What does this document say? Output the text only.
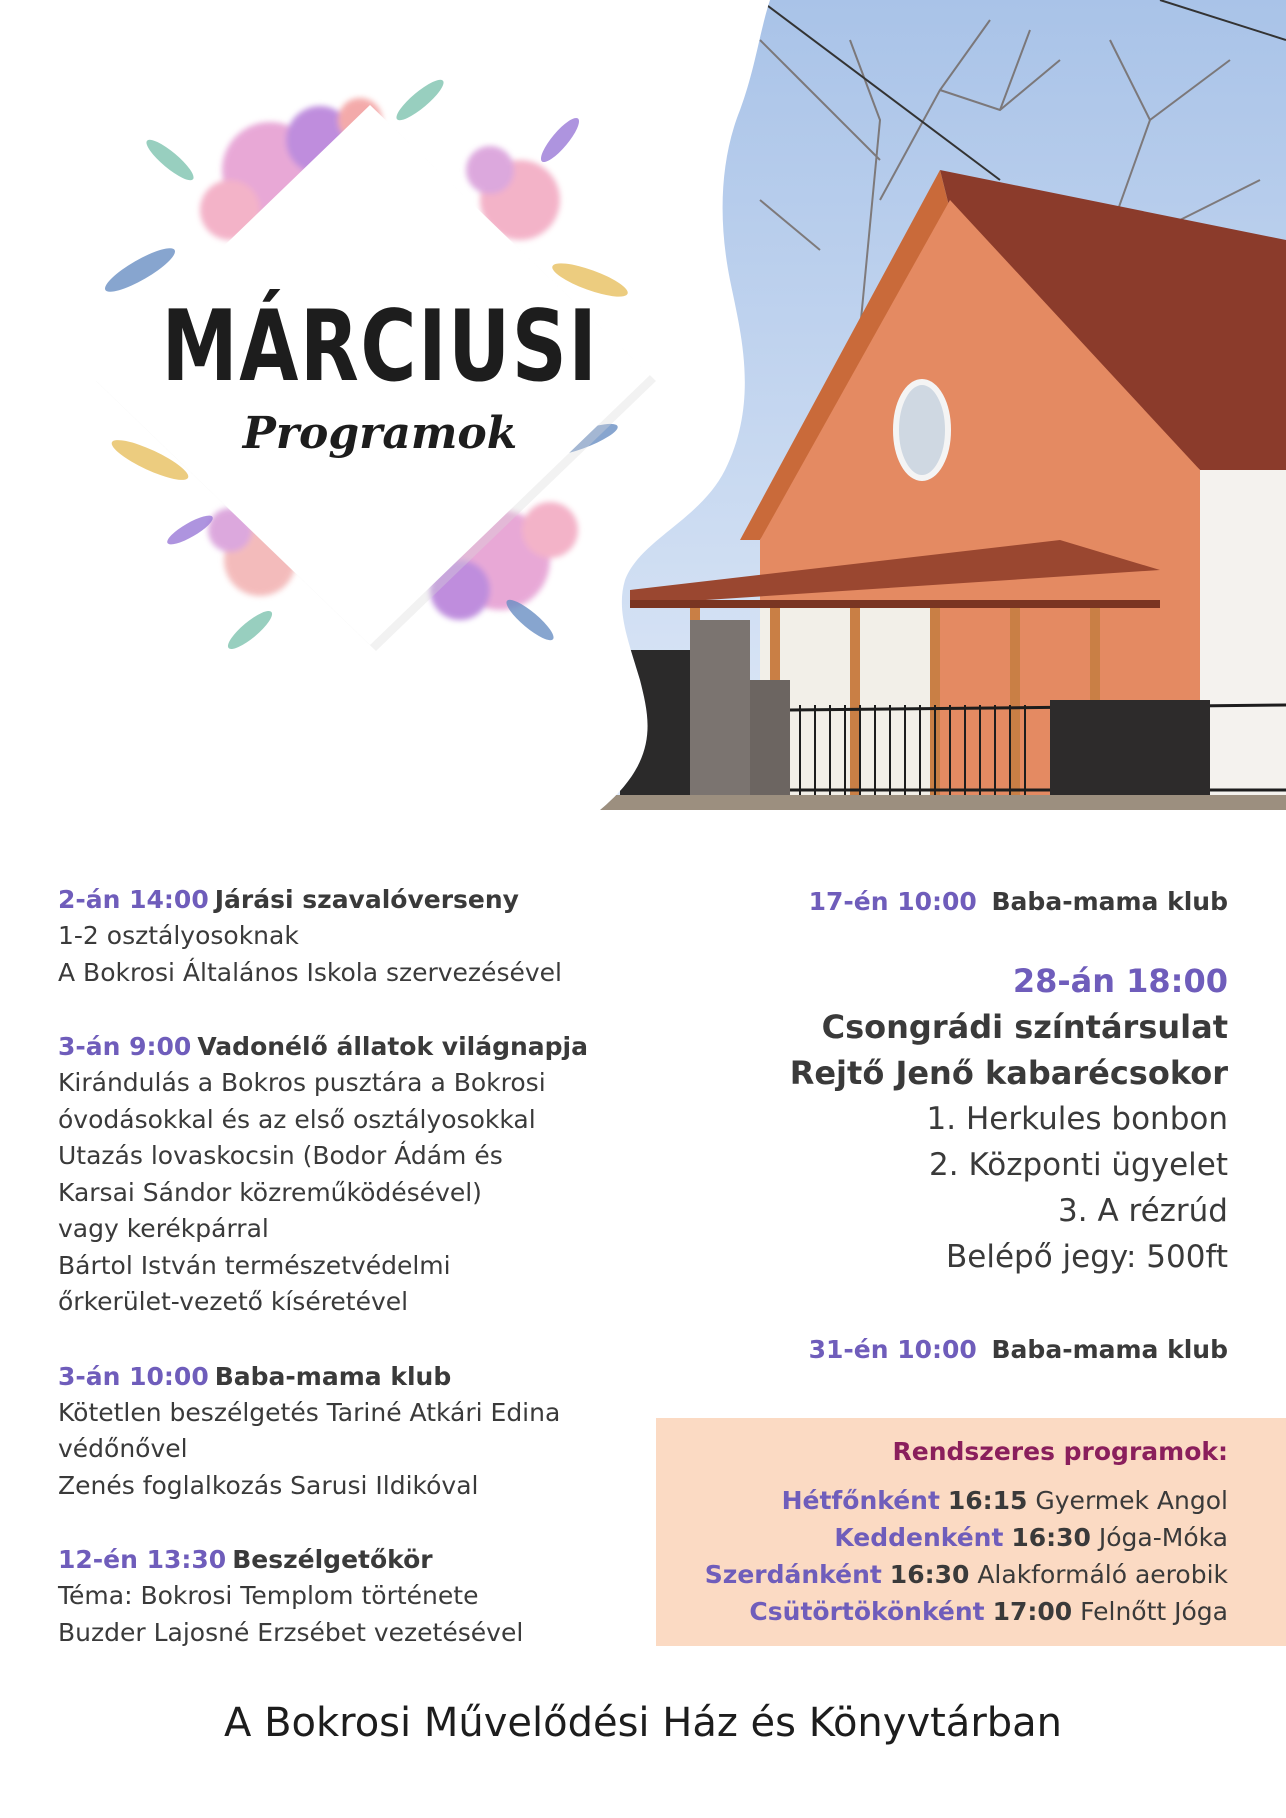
MÁRCIUSI
Programok
2-án 14:00 Járási szavalóverseny
1-2 osztályosoknak
A Bokrosi Általános Iskola szervezésével
3-án 9:00 Vadonélő állatok világnapja
Kirándulás a Bokros pusztára a Bokrosi
óvodásokkal és az első osztályosokkal
Utazás lovaskocsin (Bodor Ádám és
Karsai Sándor közreműködésével)
vagy kerékpárral
Bártol István természetvédelmi
őrkerület-vezető kíséretével
3-án 10:00 Baba-mama klub
Kötetlen beszélgetés Tariné Atkári Edina
védőnővel
Zenés foglalkozás Sarusi Ildikóval
12-én 13:30 Beszélgetőkör
Téma: Bokrosi Templom története
Buzder Lajosné Erzsébet vezetésével
17-én 10:00 Baba-mama klub
28-án 18:00
Csongrádi színtársulat
Rejtő Jenő kabarécsokor
1. Herkules bonbon
2. Központi ügyelet
3. A rézrúd
Belépő jegy: 500ft
31-én 10:00 Baba-mama klub
Rendszeres programok:
Hétfőnként 16:15 Gyermek Angol
Keddenként 16:30 Jóga-Móka
Szerdánként 16:30 Alakformáló aerobik
Csütörtökönként 17:00 Felnőtt Jóga
A Bokrosi Művelődési Ház és Könyvtárban
